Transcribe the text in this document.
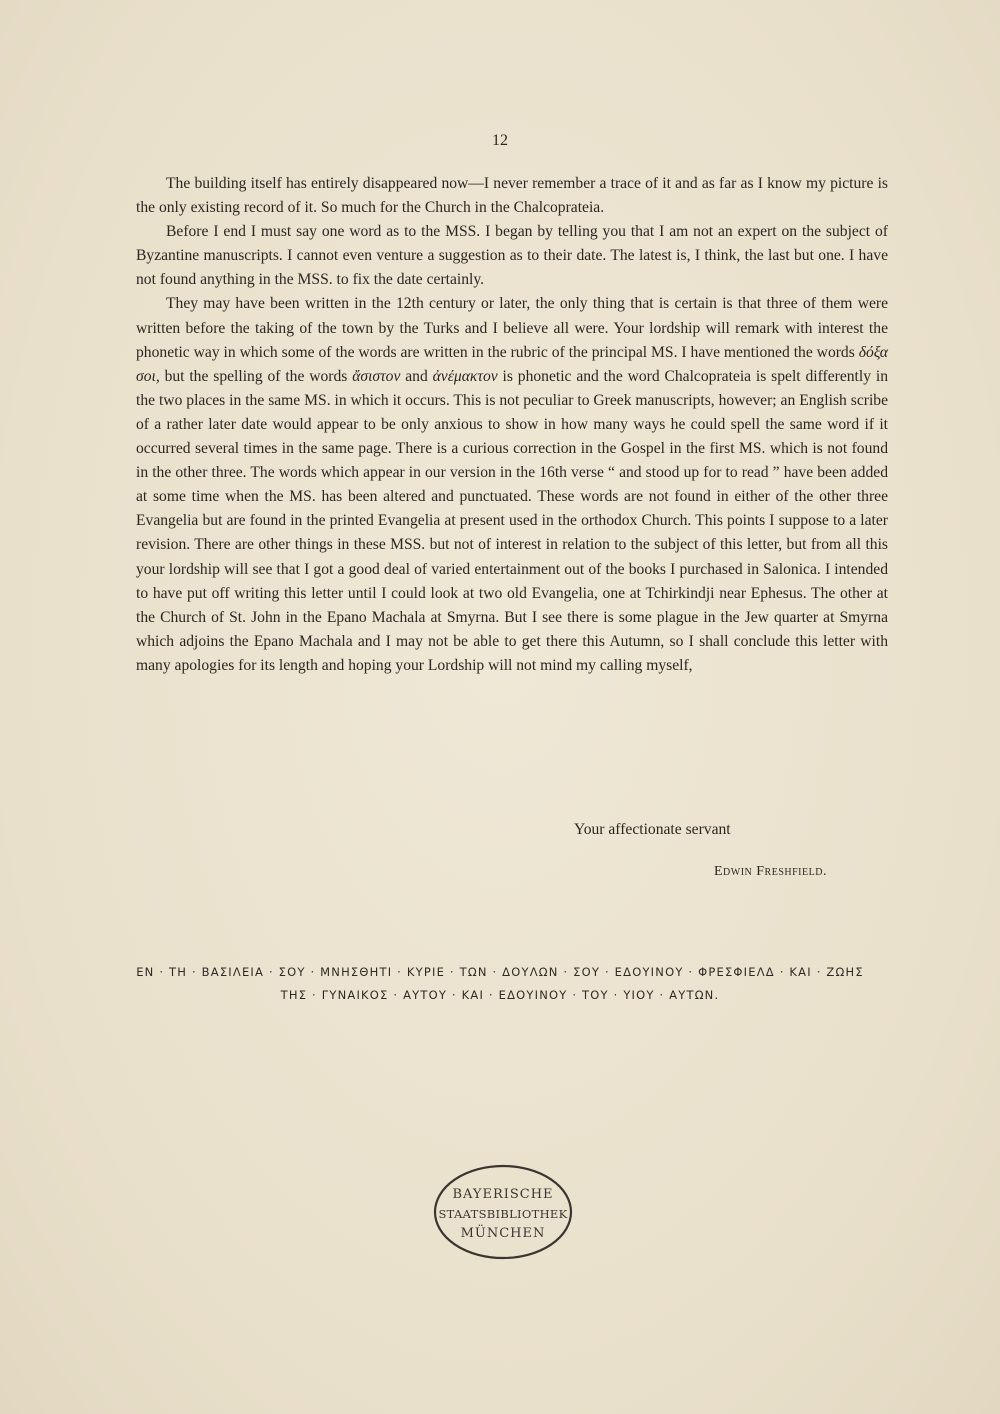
12

The building itself has entirely disappeared now—I never remember a trace of it and as far as I know my picture is the only existing record of it. So much for the Church in the Chalcoprateia.

Before I end I must say one word as to the MSS. I began by telling you that I am not an expert on the subject of Byzantine manuscripts. I cannot even venture a suggestion as to their date. The latest is, I think, the last but one. I have not found anything in the MSS. to fix the date certainly.

They may have been written in the 12th century or later, the only thing that is certain is that three of them were written before the taking of the town by the Turks and I believe all were. Your lordship will remark with interest the phonetic way in which some of the words are written in the rubric of the principal MS. I have mentioned the words δόξα σοι, but the spelling of the words ἄσιστον and ἀνέμακτον is phonetic and the word Chalcoprateia is spelt differently in the two places in the same MS. in which it occurs. This is not peculiar to Greek manuscripts, however; an English scribe of a rather later date would appear to be only anxious to show in how many ways he could spell the same word if it occurred several times in the same page. There is a curious correction in the Gospel in the first MS. which is not found in the other three. The words which appear in our version in the 16th verse “ and stood up for to read ” have been added at some time when the MS. has been altered and punctuated. These words are not found in either of the other three Evangelia but are found in the printed Evangelia at present used in the orthodox Church. This points I suppose to a later revision. There are other things in these MSS. but not of interest in relation to the subject of this letter, but from all this your lordship will see that I got a good deal of varied entertainment out of the books I purchased in Salonica. I intended to have put off writing this letter until I could look at two old Evangelia, one at Tchirkindji near Ephesus. The other at the Church of St. John in the Epano Machala at Smyrna. But I see there is some plague in the Jew quarter at Smyrna which adjoins the Epano Machala and I may not be able to get there this Autumn, so I shall conclude this letter with many apologies for its length and hoping your Lordship will not mind my calling myself,

Your affectionate servant
Edwin Freshfield.
ΕΝ · ΤΗ · ΒΑΣΙΛΕΙΑ · ΣΟΥ · ΜΝΗΣΘΗΤΙ · ΚΥΡΙΕ · ΤΩΝ · ΔΟΥΛΩΝ · ΣΟΥ · ΕΔΟΥΙΝΟΥ · ΦΡΕΣΦΙΕΛΔ · ΚΑΙ · ΖΩΗΣ
ΤΗΣ · ΓΥΝΑΙΚΟΣ · ΑΥΤΟΥ · ΚΑΙ · ΕΔΟΥΙΝΟΥ · ΤΟΥ · ΥΙΟΥ · ΑΥΤΩΝ.
BAYERISCHE
STAATSBIBLIOTHEK
MÜNCHEN
